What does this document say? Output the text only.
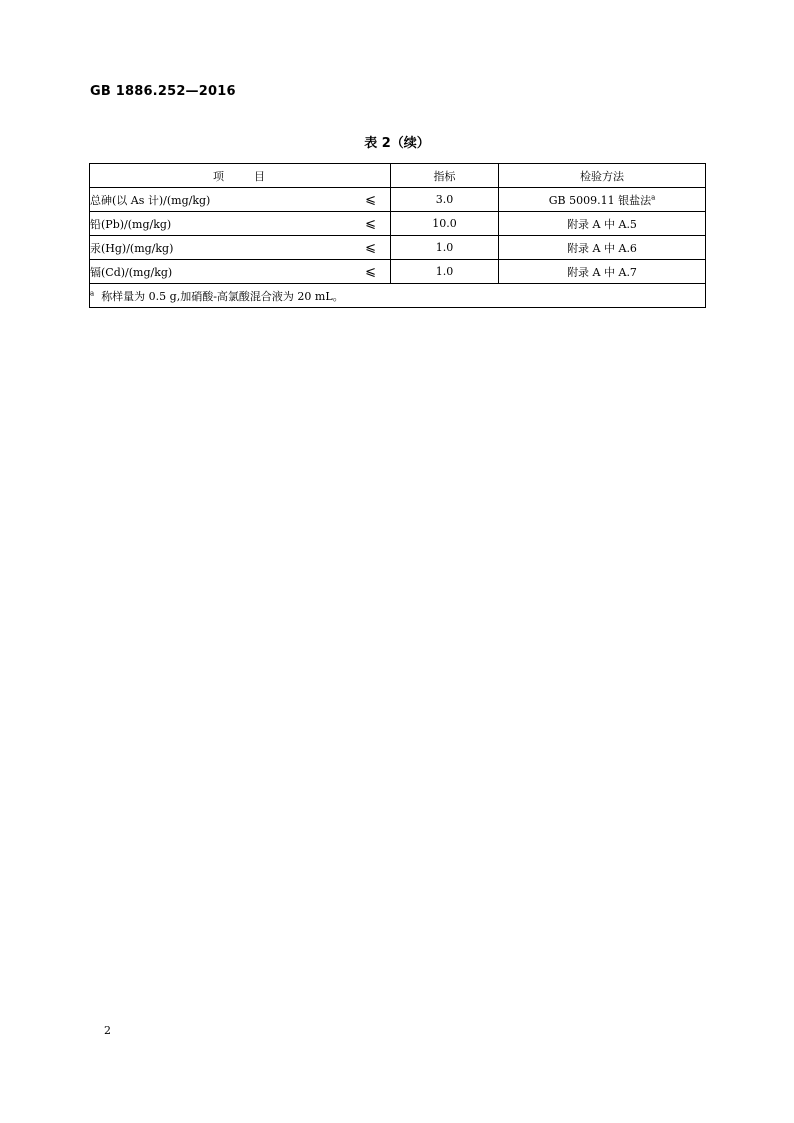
GB 1886.252—2016
表 2（续）
项 目	指标	检验方法
总砷(以 As 计)/(mg/kg) ⩽	3.0	GB 5009.11 银盐法$^a$
铅(Pb)/(mg/kg) ⩽	10.0	附录 A 中 A.5
汞(Hg)/(mg/kg) ⩽	1.0	附录 A 中 A.6
镉(Cd)/(mg/kg) ⩽	1.0	附录 A 中 A.7
$^a$ 称样量为 0.5 g,加硝酸-高氯酸混合液为 20 mL。		
2
